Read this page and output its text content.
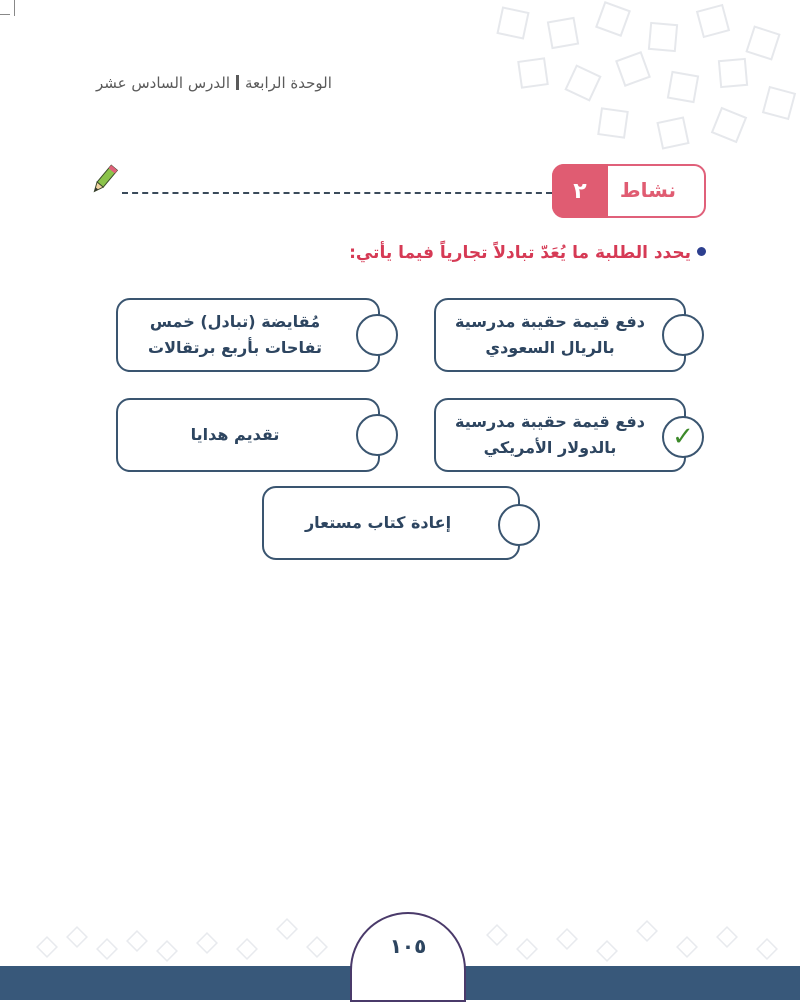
الوحدة الرابعةالدرس السادس عشر
٢	نشاط
يحدد الطلبة ما يُعَدّ تبادلاً تجارياً فيما يأتي:
دفع قيمة حقيبة مدرسية
بالريال السعودي
مُقايضة (تبادل) خمس
تفاحات بأربع برتقالات
دفع قيمة حقيبة مدرسية
بالدولار الأمريكي	✓
تقديم هدايا
إعادة كتاب مستعار
١٠٥
